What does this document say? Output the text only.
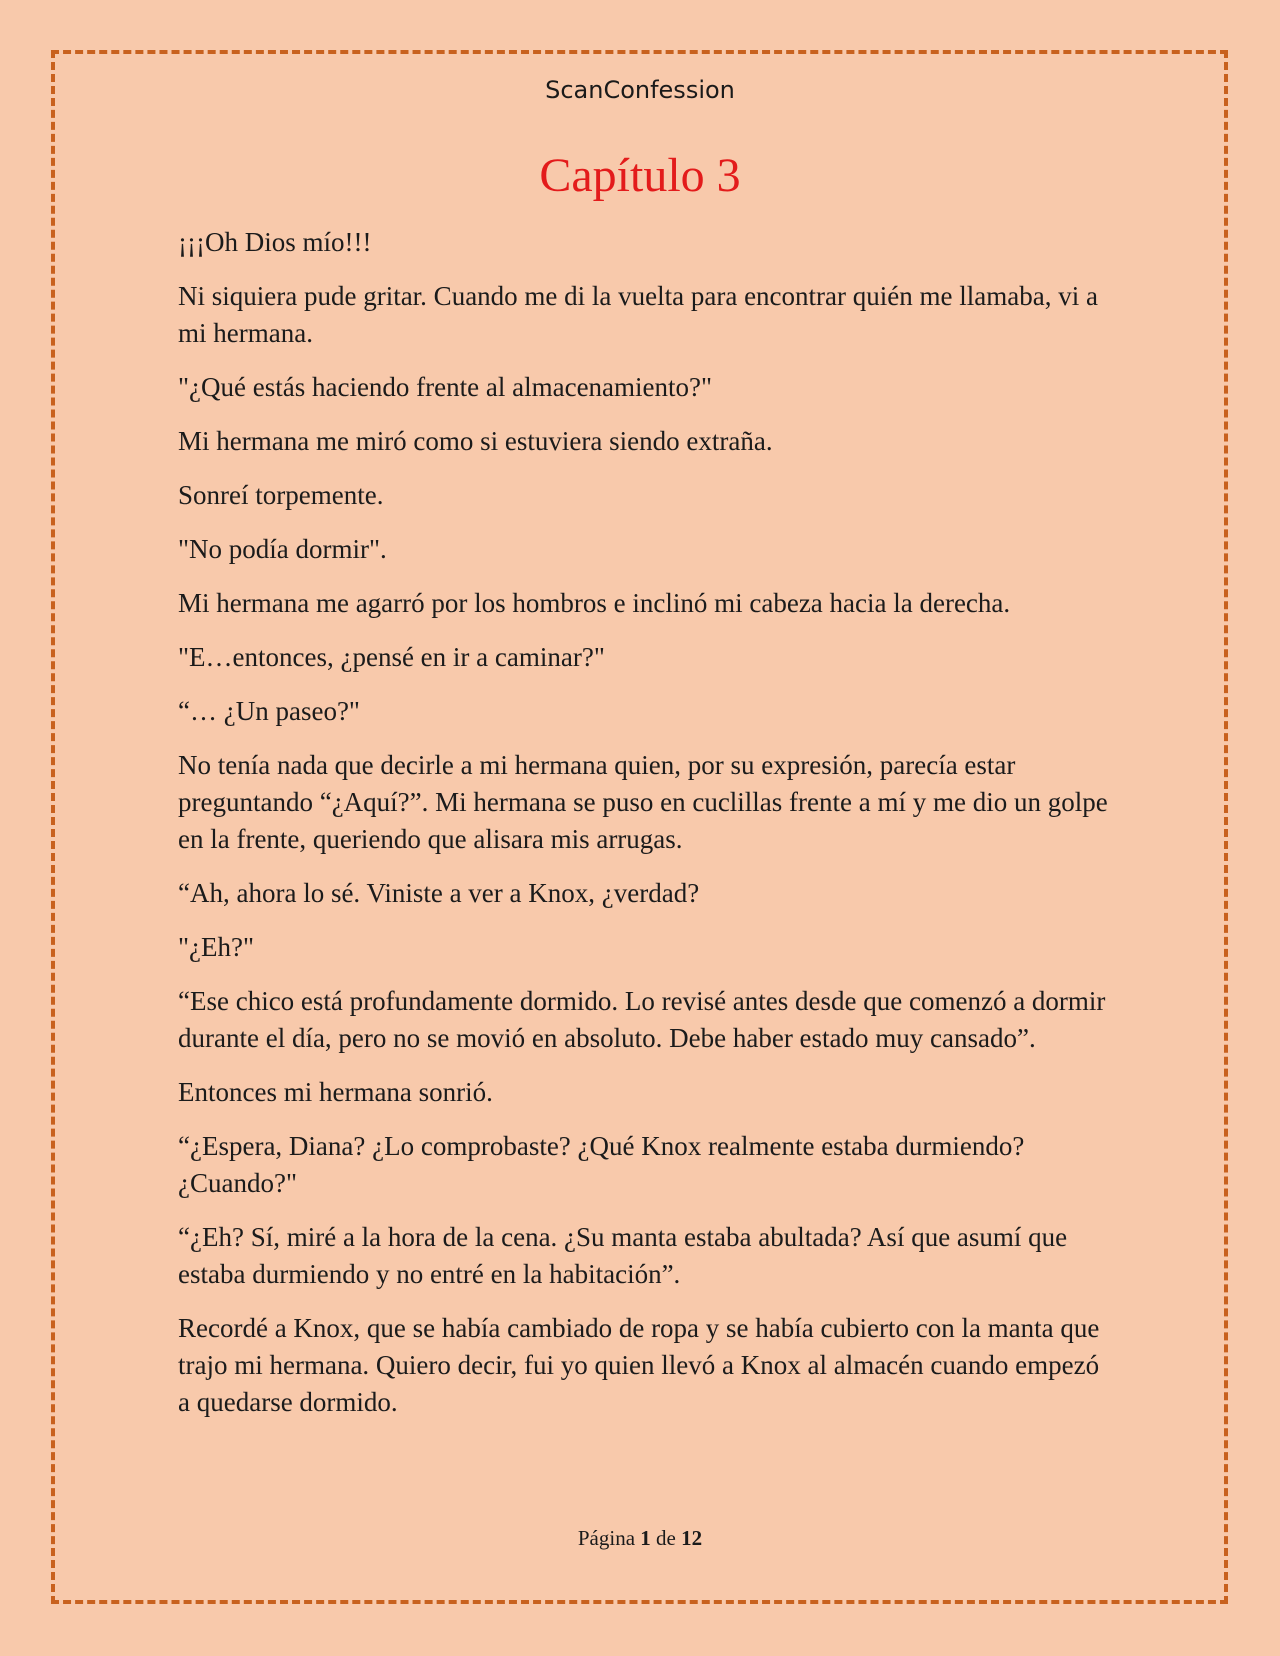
ScanConfession
Capítulo 3

¡¡¡Oh Dios mío!!!

Ni siquiera pude gritar. Cuando me di la vuelta para encontrar quién me llamaba, vi a mi hermana.

"¿Qué estás haciendo frente al almacenamiento?"

Mi hermana me miró como si estuviera siendo extraña.

Sonreí torpemente.

"No podía dormir".

Mi hermana me agarró por los hombros e inclinó mi cabeza hacia la derecha.

"E…entonces, ¿pensé en ir a caminar?"

“… ¿Un paseo?"

No tenía nada que decirle a mi hermana quien, por su expresión, parecía estar preguntando “¿Aquí?”. Mi hermana se puso en cuclillas frente a mí y me dio un golpe en la frente, queriendo que alisara mis arrugas.

“Ah, ahora lo sé. Viniste a ver a Knox, ¿verdad?

"¿Eh?"

“Ese chico está profundamente dormido. Lo revisé antes desde que comenzó a dormir durante el día, pero no se movió en absoluto. Debe haber estado muy cansado”.

Entonces mi hermana sonrió.

“¿Espera, Diana? ¿Lo comprobaste? ¿Qué Knox realmente estaba durmiendo? ¿Cuando?"

“¿Eh? Sí, miré a la hora de la cena. ¿Su manta estaba abultada? Así que asumí que estaba durmiendo y no entré en la habitación”.

Recordé a Knox, que se había cambiado de ropa y se había cubierto con la manta que trajo mi hermana. Quiero decir, fui yo quien llevó a Knox al almacén cuando empezó a quedarse dormido.

Página 1 de 12
